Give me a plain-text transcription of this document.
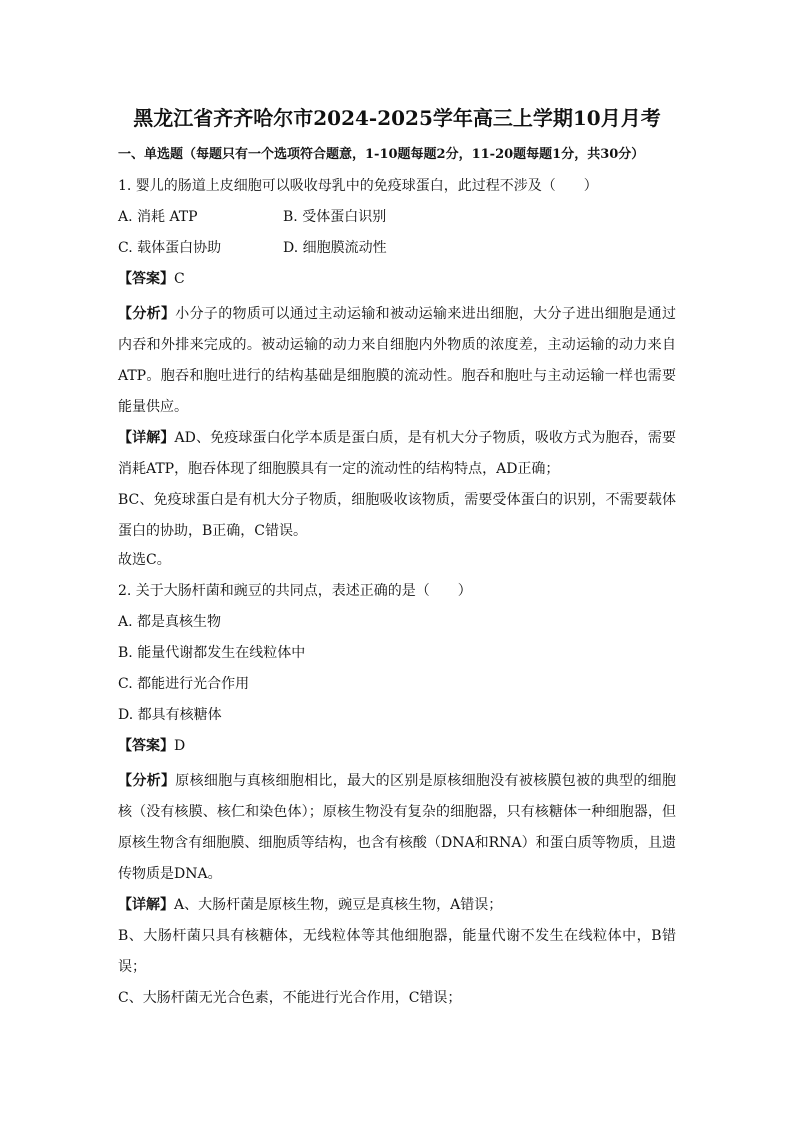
黑龙江省齐齐哈尔市2024-2025学年高三上学期10月月考
一、单选题（每题只有一个选项符合题意，1-10题每题2分，11-20题每题1分，共30分）
1. 婴儿的肠道上皮细胞可以吸收母乳中的免疫球蛋白，此过程不涉及（　　）
A. 消耗 ATP	B. 受体蛋白识别
C. 载体蛋白协助	D. 细胞膜流动性
【答案】C

【分析】小分子的物质可以通过主动运输和被动运输来进出细胞，大分子进出细胞是通过内吞和外排来完成的。被动运输的动力来自细胞内外物质的浓度差，主动运输的动力来自ATP。胞吞和胞吐进行的结构基础是细胞膜的流动性。胞吞和胞吐与主动运输一样也需要能量供应。

【详解】AD、免疫球蛋白化学本质是蛋白质，是有机大分子物质，吸收方式为胞吞，需要消耗ATP，胞吞体现了细胞膜具有一定的流动性的结构特点，AD正确；

BC、免疫球蛋白是有机大分子物质，细胞吸收该物质，需要受体蛋白的识别，不需要载体蛋白的协助，B正确，C错误。

故选C。
2. 关于大肠杆菌和豌豆的共同点，表述正确的是（　　）
A. 都是真核生物
B. 能量代谢都发生在线粒体中
C. 都能进行光合作用
D. 都具有核糖体
【答案】D

【分析】原核细胞与真核细胞相比，最大的区别是原核细胞没有被核膜包被的典型的细胞核（没有核膜、核仁和染色体）；原核生物没有复杂的细胞器，只有核糖体一种细胞器，但原核生物含有细胞膜、细胞质等结构，也含有核酸（DNA和RNA）和蛋白质等物质，且遗传物质是DNA。

【详解】A、大肠杆菌是原核生物，豌豆是真核生物，A错误；

B、大肠杆菌只具有核糖体，无线粒体等其他细胞器，能量代谢不发生在线粒体中，B错误；

C、大肠杆菌无光合色素，不能进行光合作用，C错误；
